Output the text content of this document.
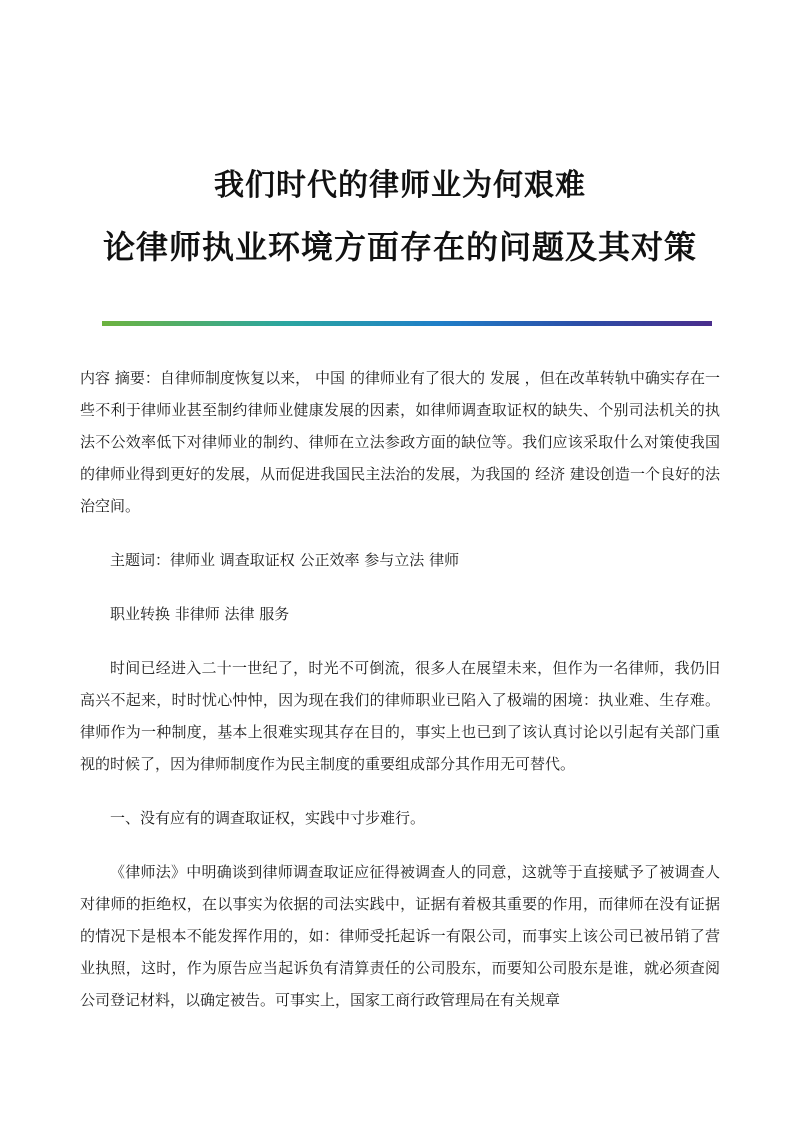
我们时代的律师业为何艰难
论律师执业环境方面存在的问题及其对策

内容 摘要：自律师制度恢复以来， 中国 的律师业有了很大的 发展 ，但在改革转轨中确实存在一些不利于律师业甚至制约律师业健康发展的因素，如律师调查取证权的缺失、个别司法机关的执法不公效率低下对律师业的制约、律师在立法参政方面的缺位等。我们应该采取什么对策使我国的律师业得到更好的发展，从而促进我国民主法治的发展，为我国的 经济 建设创造一个良好的法治空间。

主题词：律师业 调查取证权 公正效率 参与立法 律师

职业转换 非律师 法律 服务

时间已经进入二十一世纪了，时光不可倒流，很多人在展望未来，但作为一名律师，我仍旧高兴不起来，时时忧心忡忡，因为现在我们的律师职业已陷入了极端的困境：执业难、生存难。律师作为一种制度，基本上很难实现其存在目的，事实上也已到了该认真讨论以引起有关部门重视的时候了，因为律师制度作为民主制度的重要组成部分其作用无可替代。

一、没有应有的调查取证权，实践中寸步难行。

《律师法》中明确谈到律师调查取证应征得被调查人的同意，这就等于直接赋予了被调查人对律师的拒绝权，在以事实为依据的司法实践中，证据有着极其重要的作用，而律师在没有证据的情况下是根本不能发挥作用的，如：律师受托起诉一有限公司，而事实上该公司已被吊销了营业执照，这时，作为原告应当起诉负有清算责任的公司股东，而要知公司股东是谁，就必须查阅公司登记材料，以确定被告。可事实上，国家工商行政管理局在有关规章
